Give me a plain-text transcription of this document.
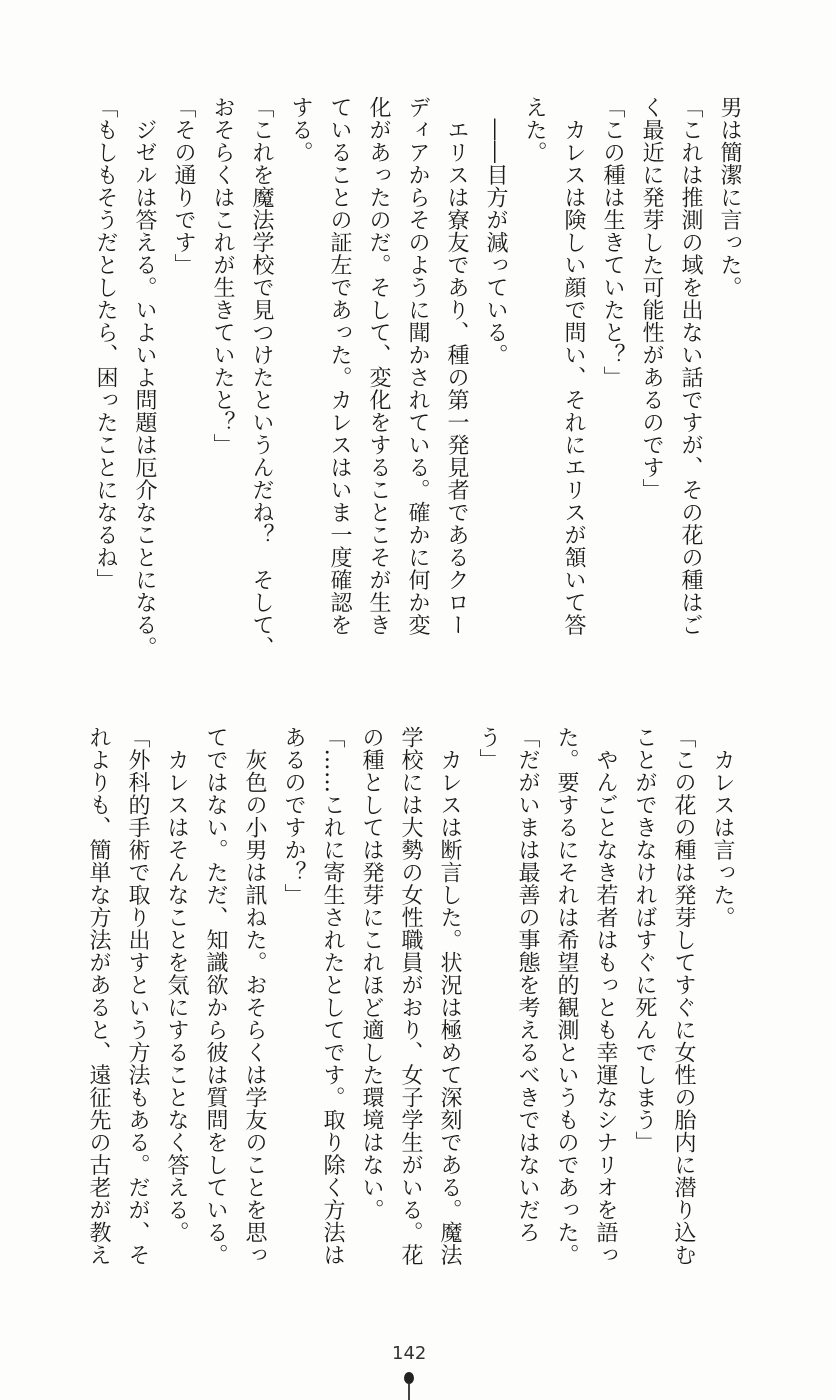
男は簡潔に言った。
「これは推測の域を出ない話ですが、その花の種はご
く最近に発芽した可能性があるのです」
「この種は生きていたと？」
　カレスは険しい顔で問い、それにエリスが頷いて答
えた。
　――目方が減っている。
　エリスは寮友であり、種の第一発見者であるクロー
ディアからそのように聞かされている。確かに何か変
化があったのだ。そして、変化をすることこそが生き
ていることの証左であった。カレスはいま一度確認を
する。
「これを魔法学校で見つけたというんだね？　そして、
おそらくはこれが生きていたと？」
「その通りです」
　ジゼルは答える。いよいよ問題は厄介なことになる。
「もしもそうだとしたら、困ったことになるね」
　カレスは言った。
「この花の種は発芽してすぐに女性の胎内に潜り込む
ことができなければすぐに死んでしまう」
　やんごとなき若者はもっとも幸運なシナリオを語っ
た。要するにそれは希望的観測というものであった。
「だがいまは最善の事態を考えるべきではないだろ
う」
　カレスは断言した。状況は極めて深刻である。魔法
学校には大勢の女性職員がおり、女子学生がいる。花
の種としては発芽にこれほど適した環境はない。
「……これに寄生されたとしてです。取り除く方法は
あるのですか？」
　灰色の小男は訊ねた。おそらくは学友のことを思っ
てではない。ただ、知識欲から彼は質問をしている。
　カレスはそんなことを気にすることなく答える。
「外科的手術で取り出すという方法もある。だが、そ
れよりも、簡単な方法があると、遠征先の古老が教え
142
